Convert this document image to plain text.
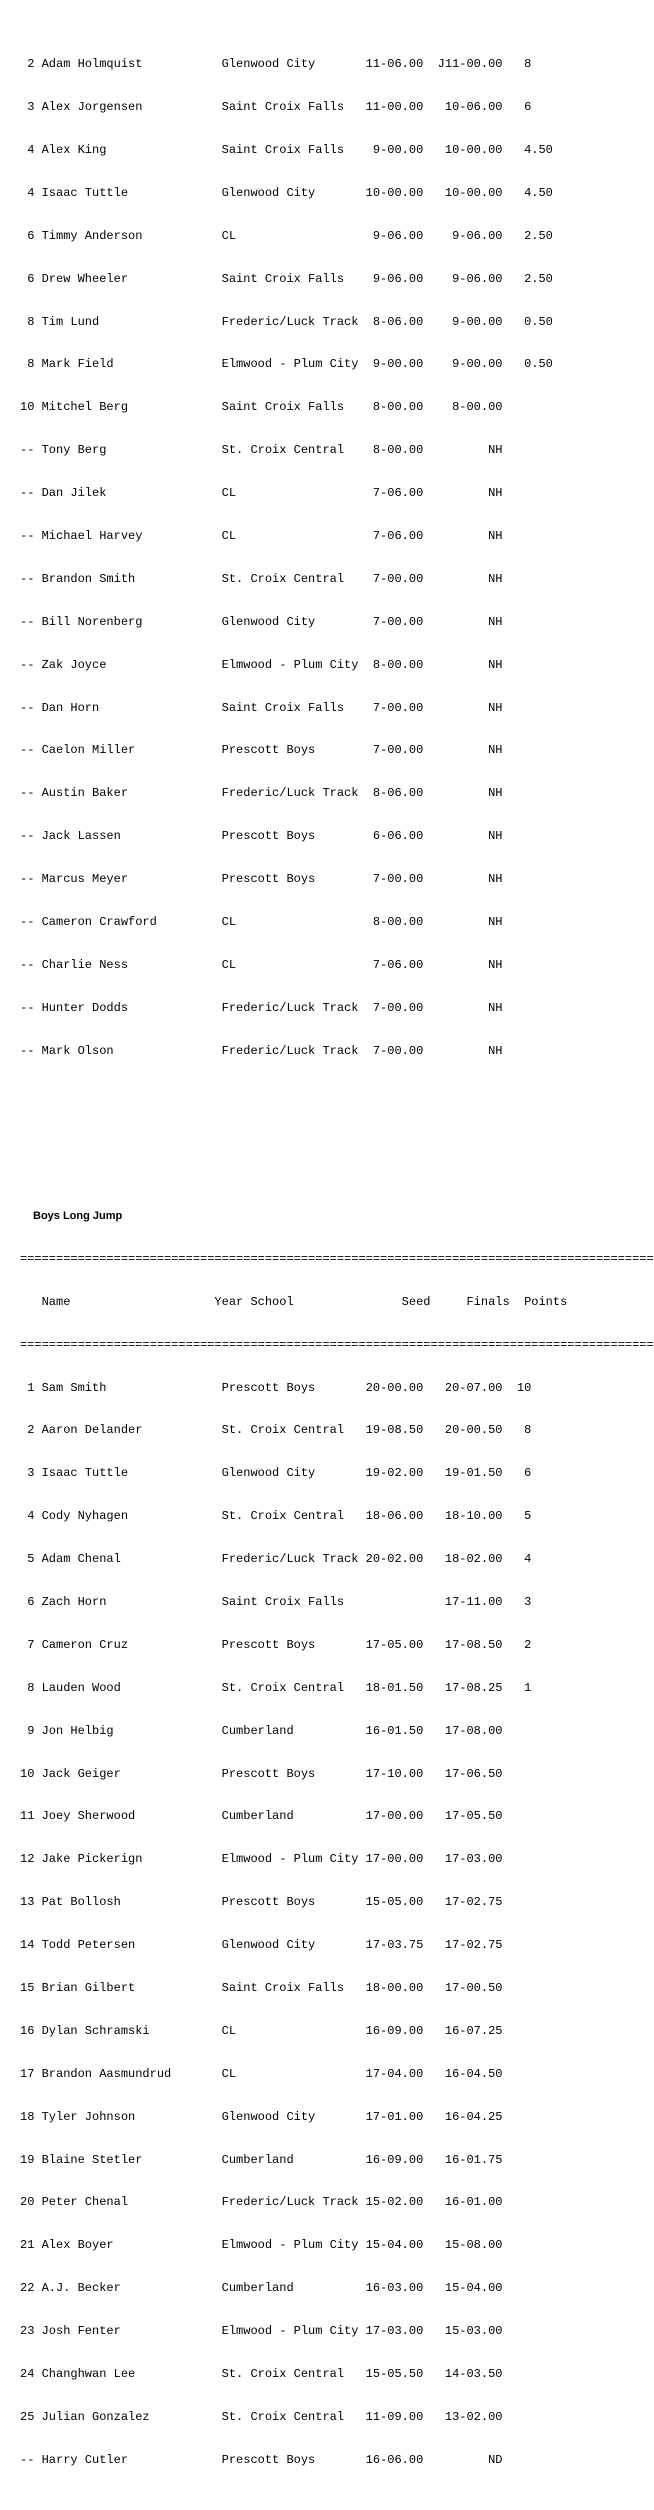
2 Adam Holmquist           Glenwood City       11-06.00  J11-00.00   8

3 Alex Jorgensen           Saint Croix Falls   11-00.00   10-06.00   6

4 Alex King                Saint Croix Falls    9-00.00   10-00.00   4.50

4 Isaac Tuttle             Glenwood City       10-00.00   10-00.00   4.50

6 Timmy Anderson           CL                   9-06.00    9-06.00   2.50

6 Drew Wheeler             Saint Croix Falls    9-06.00    9-06.00   2.50

8 Tim Lund                 Frederic/Luck Track  8-06.00    9-00.00   0.50

8 Mark Field               Elmwood - Plum City  9-00.00    9-00.00   0.50

10 Mitchel Berg             Saint Croix Falls    8-00.00    8-00.00

-- Tony Berg                St. Croix Central    8-00.00         NH

-- Dan Jilek                CL                   7-06.00         NH

-- Michael Harvey           CL                   7-06.00         NH

-- Brandon Smith            St. Croix Central    7-00.00         NH

-- Bill Norenberg           Glenwood City        7-00.00         NH

-- Zak Joyce                Elmwood - Plum City  8-00.00         NH

-- Dan Horn                 Saint Croix Falls    7-00.00         NH

-- Caelon Miller            Prescott Boys        7-00.00         NH

-- Austin Baker             Frederic/Luck Track  8-06.00         NH

-- Jack Lassen              Prescott Boys        6-06.00         NH

-- Marcus Meyer             Prescott Boys        7-00.00         NH

-- Cameron Crawford         CL                   8-00.00         NH

-- Charlie Ness             CL                   7-06.00         NH

-- Hunter Dodds             Frederic/Luck Track  7-00.00         NH

-- Mark Olson               Frederic/Luck Track  7-00.00         NH

Boys Long Jump

========================================================================================

Name                    Year School               Seed     Finals  Points

========================================================================================

1 Sam Smith                Prescott Boys       20-00.00   20-07.00  10

2 Aaron Delander           St. Croix Central   19-08.50   20-00.50   8

3 Isaac Tuttle             Glenwood City       19-02.00   19-01.50   6

4 Cody Nyhagen             St. Croix Central   18-06.00   18-10.00   5

5 Adam Chenal              Frederic/Luck Track 20-02.00   18-02.00   4

6 Zach Horn                Saint Croix Falls              17-11.00   3

7 Cameron Cruz             Prescott Boys       17-05.00   17-08.50   2

8 Lauden Wood              St. Croix Central   18-01.50   17-08.25   1

9 Jon Helbig               Cumberland          16-01.50   17-08.00

10 Jack Geiger              Prescott Boys       17-10.00   17-06.50

11 Joey Sherwood            Cumberland          17-00.00   17-05.50

12 Jake Pickerign           Elmwood - Plum City 17-00.00   17-03.00

13 Pat Bollosh              Prescott Boys       15-05.00   17-02.75

14 Todd Petersen            Glenwood City       17-03.75   17-02.75

15 Brian Gilbert            Saint Croix Falls   18-00.00   17-00.50

16 Dylan Schramski          CL                  16-09.00   16-07.25

17 Brandon Aasmundrud       CL                  17-04.00   16-04.50

18 Tyler Johnson            Glenwood City       17-01.00   16-04.25

19 Blaine Stetler           Cumberland          16-09.00   16-01.75

20 Peter Chenal             Frederic/Luck Track 15-02.00   16-01.00

21 Alex Boyer               Elmwood - Plum City 15-04.00   15-08.00

22 A.J. Becker              Cumberland          16-03.00   15-04.00

23 Josh Fenter              Elmwood - Plum City 17-03.00   15-03.00

24 Changhwan Lee            St. Croix Central   15-05.50   14-03.50

25 Julian Gonzalez          St. Croix Central   11-09.00   13-02.00

-- Harry Cutler             Prescott Boys       16-06.00         ND
